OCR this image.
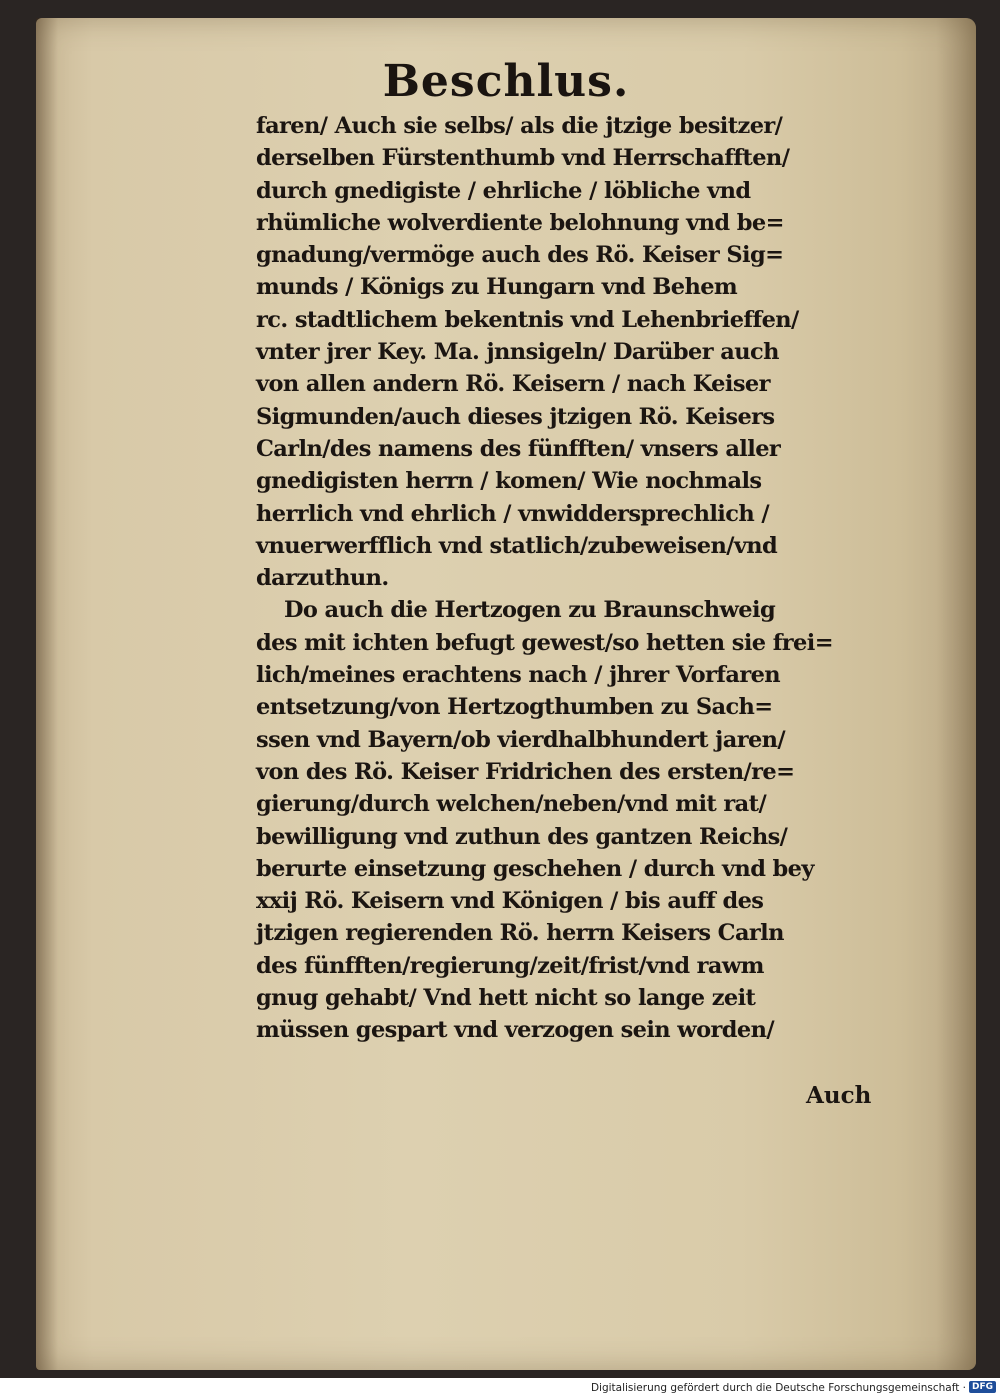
Beschlus.
faren/ Auch sie selbs/ als die jtzige besitzer/
derselben Fürstenthumb vnd Herrschafften/
durch gnedigiste / ehrliche / löbliche vnd
rhümliche wolverdiente belohnung vnd be=
gnadung/vermöge auch des Rö. Keiser Sig=
munds / Königs zu Hungarn vnd Behem
rc. stadtlichem bekentnis vnd Lehenbrieffen/
vnter jrer Key. Ma. jnnsigeln/ Darüber auch
von allen andern Rö. Keisern / nach Keiser
Sigmunden/auch dieses jtzigen Rö. Keisers
Carln/des namens des fünfften/ vnsers aller
gnedigisten herrn / komen/ Wie nochmals
herrlich vnd ehrlich / vnwiddersprechlich /
vnuerwerfflich vnd statlich/zubeweisen/vnd
darzuthun.
Do auch die Hertzogen zu Braunschweig
des mit ichten befugt gewest/so hetten sie frei=
lich/meines erachtens nach / jhrer Vorfaren
entsetzung/von Hertzogthumben zu Sach=
ssen vnd Bayern/ob vierdhalbhundert jaren/
von des Rö. Keiser Fridrichen des ersten/re=
gierung/durch welchen/neben/vnd mit rat/
bewilligung vnd zuthun des gantzen Reichs/
berurte einsetzung geschehen / durch vnd bey
xxij Rö. Keisern vnd Königen / bis auff des
jtzigen regierenden Rö. herrn Keisers Carln
des fünfften/regierung/zeit/frist/vnd rawm
gnug gehabt/ Vnd hett nicht so lange zeit
müssen gespart vnd verzogen sein worden/
Auch
Digitalisierung gefördert durch die Deutsche Forschungsgemeinschaft · DFG
